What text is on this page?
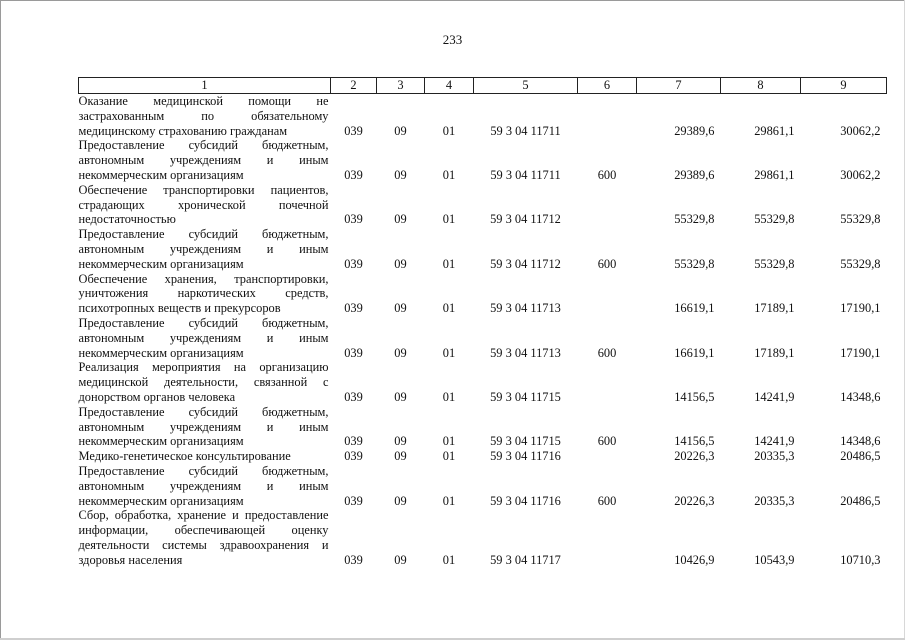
233
1	2	3	4	5	6	7	8	9
Оказание медицинской помощи не застрахованным по обязательному медицинскому страхованию гражданам	039	09	01	59 3 04 11711		29389,6	29861,1	30062,2
Предоставление субсидий бюджетным, автономным учреждениям и иным некоммерческим организациям	039	09	01	59 3 04 11711	600	29389,6	29861,1	30062,2
Обеспечение транспортировки пациентов, страдающих хронической почечной недостаточностью	039	09	01	59 3 04 11712		55329,8	55329,8	55329,8
Предоставление субсидий бюджетным, автономным учреждениям и иным некоммерческим организациям	039	09	01	59 3 04 11712	600	55329,8	55329,8	55329,8
Обеспечение хранения, транспортировки, уничтожения наркотических средств, психотропных веществ и прекурсоров	039	09	01	59 3 04 11713		16619,1	17189,1	17190,1
Предоставление субсидий бюджетным, автономным учреждениям и иным некоммерческим организациям	039	09	01	59 3 04 11713	600	16619,1	17189,1	17190,1
Реализация мероприятия на организацию медицинской деятельности, связанной с донорством органов человека	039	09	01	59 3 04 11715		14156,5	14241,9	14348,6
Предоставление субсидий бюджетным, автономным учреждениям и иным некоммерческим организациям	039	09	01	59 3 04 11715	600	14156,5	14241,9	14348,6
Медико-генетическое консультирование	039	09	01	59 3 04 11716		20226,3	20335,3	20486,5
Предоставление субсидий бюджетным, автономным учреждениям и иным некоммерческим организациям	039	09	01	59 3 04 11716	600	20226,3	20335,3	20486,5
Сбор, обработка, хранение и предоставление информации, обеспечивающей оценку деятельности системы здравоохранения и здоровья населения	039	09	01	59 3 04 11717		10426,9	10543,9	10710,3
